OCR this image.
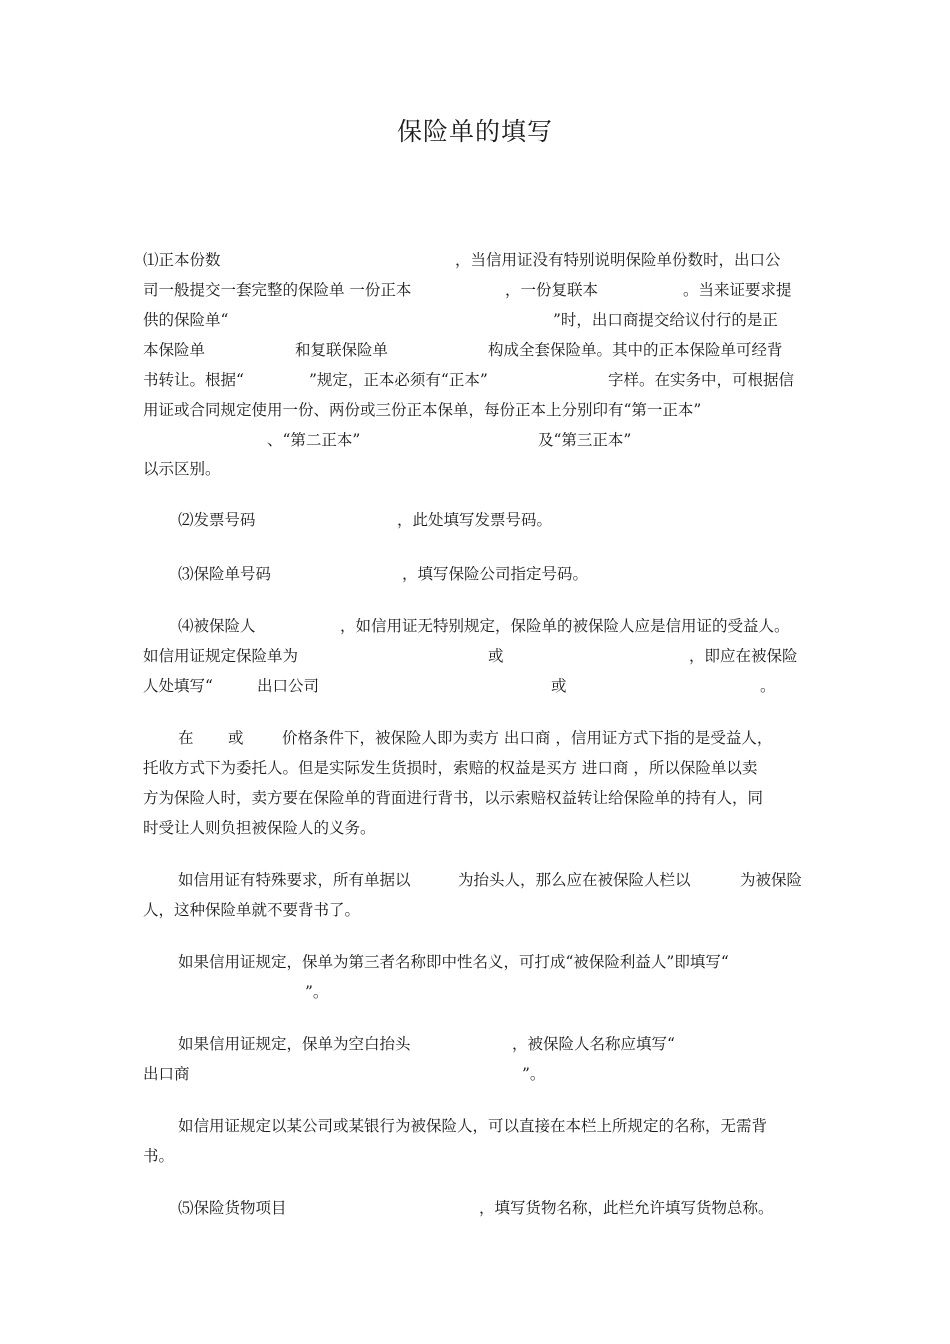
保险单的填写
⑴正本份数	，当信用证没有特别说明保险单份数时，出口公
司一般提交一套完整的保险单 一份正本	，一份复联本	。当来证要求提
供的保险单“	”时，出口商提交给议付行的是正
本保险单	和复联保险单	构成全套保险单。其中的正本保险单可经背
书转让。根据“	”规定，正本必须有“正本”	字样。在实务中，可根据信
用证或合同规定使用一份、两份或三份正本保单，每份正本上分别印有“第一正本”
、“第二正本”	及“第三正本”
以示区别。
⑵发票号码	，此处填写发票号码。
⑶保险单号码	，填写保险公司指定号码。
⑷被保险人	，如信用证无特别规定，保险单的被保险人应是信用证的受益人。
如信用证规定保险单为	或	，即应在被保险
人处填写“	出口公司	或	。
在 或 价格条件下，被保险人即为卖方 出口商 ，信用证方式下指的是受益人，
托收方式下为委托人。但是实际发生货损时，索赔的权益是买方 进口商 ，所以保险单以卖
方为保险人时，卖方要在保险单的背面进行背书，以示索赔权益转让给保险单的持有人，同
时受让人则负担被保险人的义务。
如信用证有特殊要求，所有单据以	为抬头人，那么应在被保险人栏以	为被保险
人，这种保险单就不要背书了。
如果信用证规定，保单为第三者名称即中性名义，可打成“被保险利益人”即填写“
”。
如果信用证规定，保单为空白抬头	，被保险人名称应填写“
出口商	”。
如信用证规定以某公司或某银行为被保险人，可以直接在本栏上所规定的名称，无需背
书。
⑸保险货物项目	，填写货物名称，此栏允许填写货物总称。
